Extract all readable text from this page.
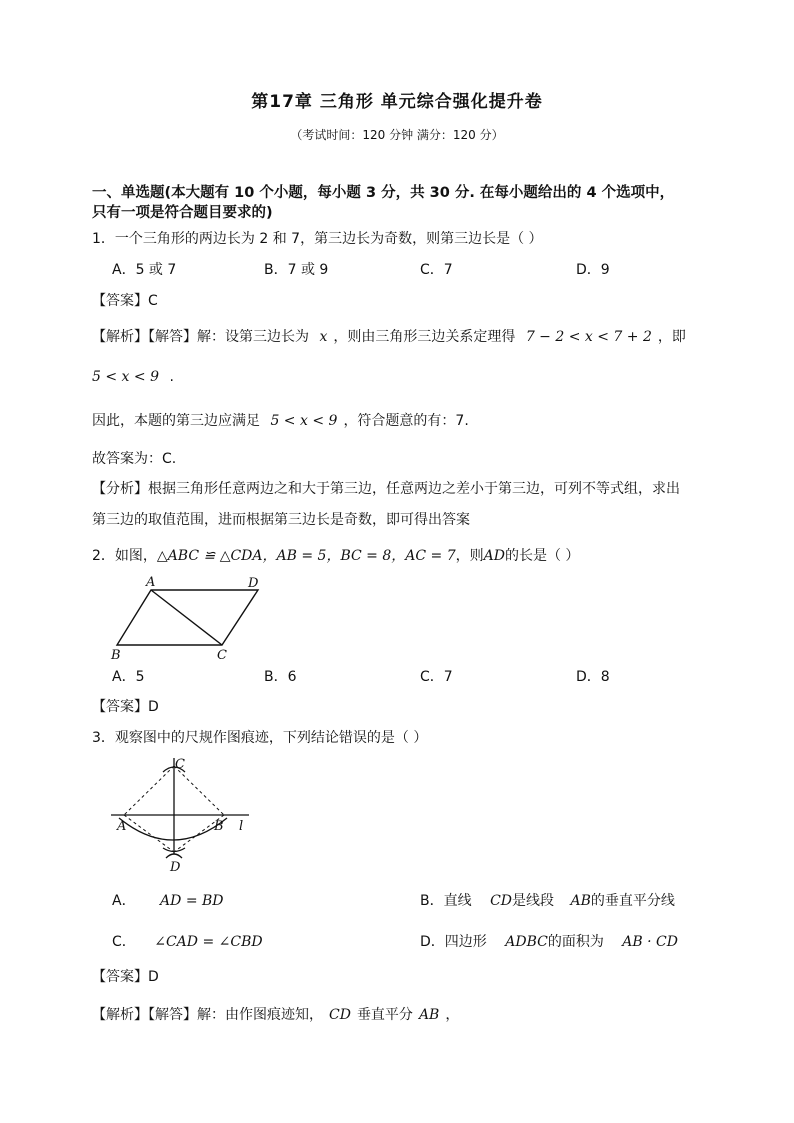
第17章 三角形 单元综合强化提升卷
（考试时间：120 分钟 满分：120 分）
一、单选题(本大题有 10 个小题，每小题 3 分，共 30 分. 在每小题给出的 4 个选项中，
只有一项是符合题目要求的)
1．一个三角形的两边长为 2 和 7，第三边长为奇数，则第三边长是（ ）
A．5 或 7	B．7 或 9	C．7	D．9
【答案】C
【解析】【解答】解：设第三边长为 x ，则由三角形三边关系定理得 7 − 2 < x < 7 + 2 ，即
5 < x < 9 .
因此，本题的第三边应满足 5 < x < 9 ，符合题意的有：7.
故答案为：C.
【分析】根据三角形任意两边之和大于第三边，任意两边之差小于第三边，可列不等式组，求出
第三边的取值范围，进而根据第三边长是奇数，即可得出答案
2．如图，△ABC ≌ △CDA，AB = 5，BC = 8，AC = 7，则AD的长是（ ）
A	D
B	C
A．5	B．6	C．7	D．8
【答案】D
3．观察图中的尺规作图痕迹，下列结论错误的是（ ）
C
A	B l
D
A． AD = BD	B．直线 CD是线段 AB的垂直平分线
C． ∠CAD = ∠CBD	D．四边形 ADBC的面积为 AB · CD
【答案】D
【解析】【解答】解：由作图痕迹知， CD 垂直平分 AB ，
